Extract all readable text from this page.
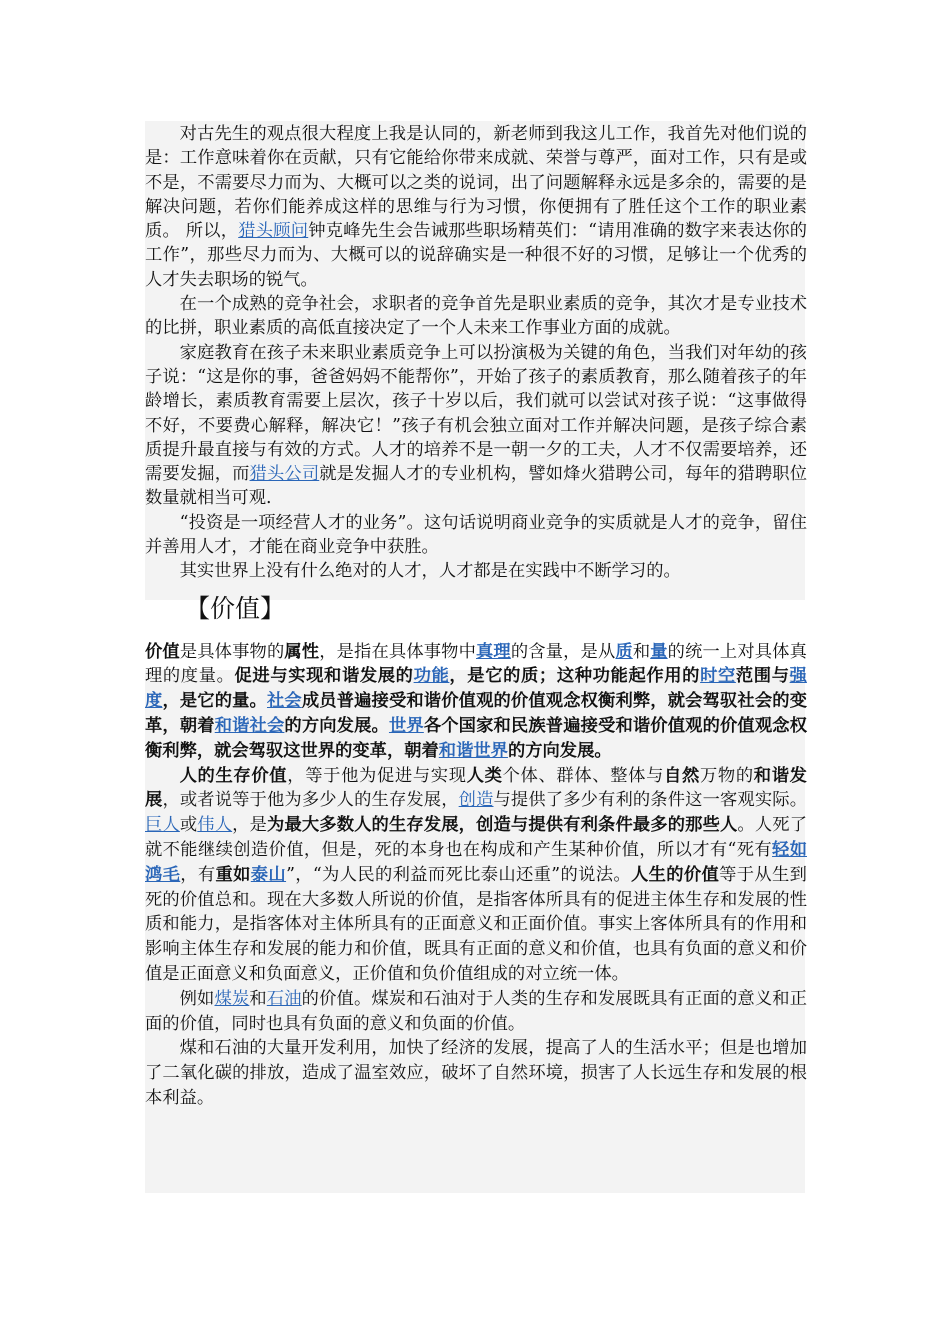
对古先生的观点很大程度上我是认同的，新老师到我这儿工作，我首先对他们说的是：工作意味着你在贡献，只有它能给你带来成就、荣誉与尊严，面对工作，只有是或不是，不需要尽力而为、大概可以之类的说词，出了问题解释永远是多余的，需要的是解决问题，若你们能养成这样的思维与行为习惯，你便拥有了胜任这个工作的职业素质。 所以，猎头顾问钟克峰先生会告诫那些职场精英们：“请用准确的数字来表达你的工作”，那些尽力而为、大概可以的说辞确实是一种很不好的习惯，足够让一个优秀的人才失去职场的锐气。

在一个成熟的竞争社会，求职者的竞争首先是职业素质的竞争，其次才是专业技术的比拼，职业素质的高低直接决定了一个人未来工作事业方面的成就。

家庭教育在孩子未来职业素质竞争上可以扮演极为关键的角色，当我们对年幼的孩子说：“这是你的事，爸爸妈妈不能帮你”，开始了孩子的素质教育，那么随着孩子的年龄增长，素质教育需要上层次，孩子十岁以后，我们就可以尝试对孩子说：“这事做得不好，不要费心解释，解决它！”孩子有机会独立面对工作并解决问题，是孩子综合素质提升最直接与有效的方式。人才的培养不是一朝一夕的工夫，人才不仅需要培养，还需要发掘，而猎头公司就是发掘人才的专业机构，譬如烽火猎聘公司，每年的猎聘职位数量就相当可观.

“投资是一项经营人才的业务”。这句话说明商业竞争的实质就是人才的竞争，留住并善用人才，才能在商业竞争中获胜。

其实世界上没有什么绝对的人才，人才都是在实践中不断学习的。

【价值】

价值是具体事物的属性，是指在具体事物中真理的含量，是从质和量的统一上对具体真理的度量。促进与实现和谐发展的功能，是它的质；这种功能起作用的时空范围与强度，是它的量。社会成员普遍接受和谐价值观的价值观念权衡利弊，就会驾驭社会的变革，朝着和谐社会的方向发展。世界各个国家和民族普遍接受和谐价值观的价值观念权衡利弊，就会驾驭这世界的变革，朝着和谐世界的方向发展。

人的生存价值，等于他为促进与实现人类个体、群体、整体与自然万物的和谐发展，或者说等于他为多少人的生存发展，创造与提供了多少有利的条件这一客观实际。巨人或伟人，是为最大多数人的生存发展，创造与提供有利条件最多的那些人。人死了就不能继续创造价值，但是，死的本身也在构成和产生某种价值，所以才有“死有轻如鸿毛，有重如泰山”，“为人民的利益而死比泰山还重”的说法。人生的价值等于从生到死的价值总和。现在大多数人所说的价值，是指客体所具有的促进主体生存和发展的性质和能力，是指客体对主体所具有的正面意义和正面价值。事实上客体所具有的作用和影响主体生存和发展的能力和价值，既具有正面的意义和价值，也具有负面的意义和价值是正面意义和负面意义，正价值和负价值组成的对立统一体。

例如煤炭和石油的价值。煤炭和石油对于人类的生存和发展既具有正面的意义和正面的价值，同时也具有负面的意义和负面的价值。

煤和石油的大量开发利用，加快了经济的发展，提高了人的生活水平；但是也增加了二氧化碳的排放，造成了温室效应，破坏了自然环境，损害了人长远生存和发展的根本利益。
